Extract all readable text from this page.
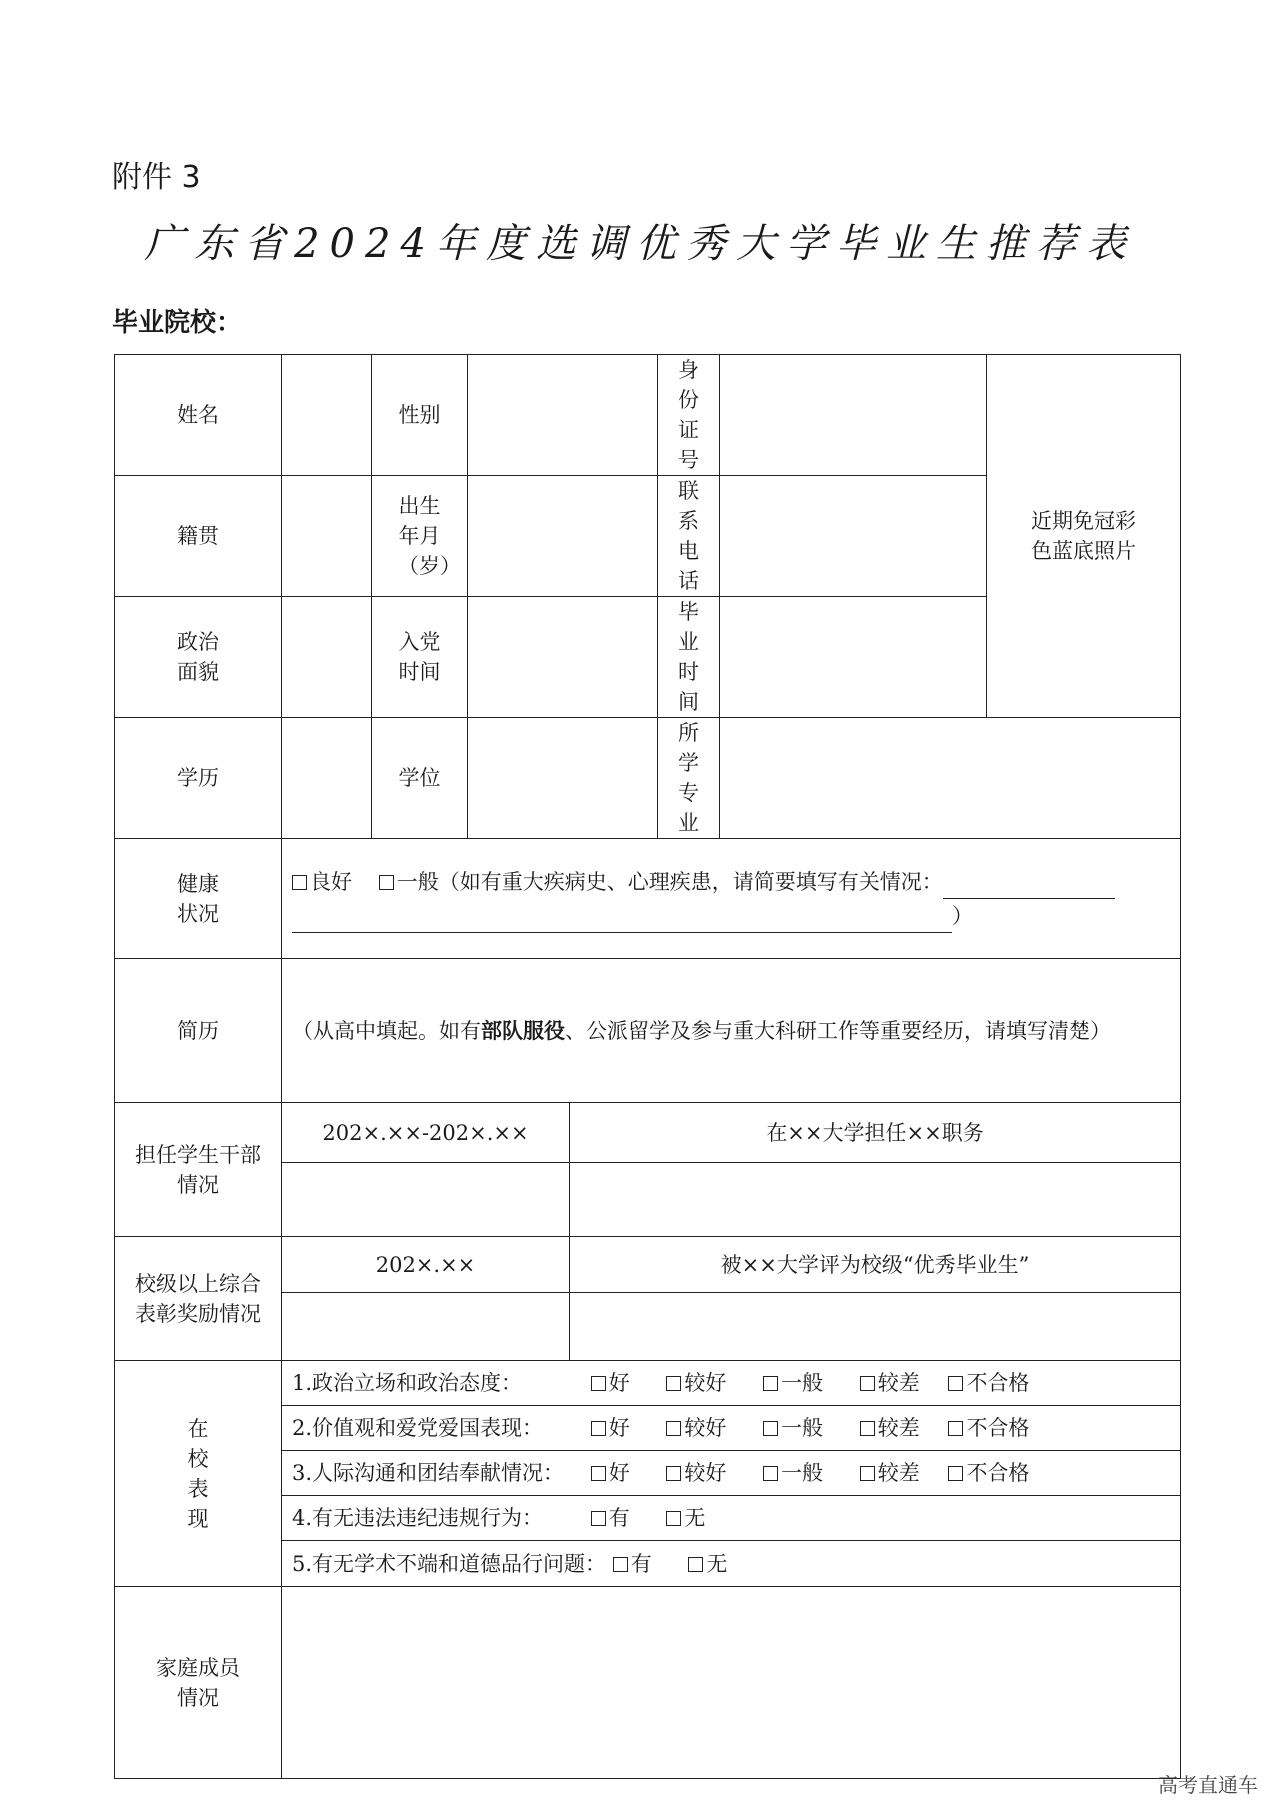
附件 3
广东省2024年度选调优秀大学毕业生推荐表
毕业院校：
姓名		性别			身份证号		近期免冠彩色蓝底照片
籍贯		出生年月（岁）			联系电话		
政治面貌		入党时间			毕业时间		
学历		学位			所学专业		
健康状况	良好 一般（如有重大疾病史、心理疾患，请简要填写有关情况：
）						
简历	（从高中填起。如有部队服役、公派留学及参与重大科研工作等重要经历，请填写清楚）						
担任学生干部情况	202×.××-202×.××			在××大学担任××职务			

校级以上综合表彰奖励情况	202×.××			被××大学评为校级“优秀毕业生”			

在校表现	1.政治立场和政治态度： 好 较好 一般 较差 不合格						
	2.价值观和爱党爱国表现： 好 较好 一般 较差 不合格						
	3.人际沟通和团结奉献情况： 好 较好 一般 较差 不合格						
	4.有无违法违纪违规行为： 有 无						
	5.有无学术不端和道德品行问题： 有 无						
家庭成员情况							
高考直通车
